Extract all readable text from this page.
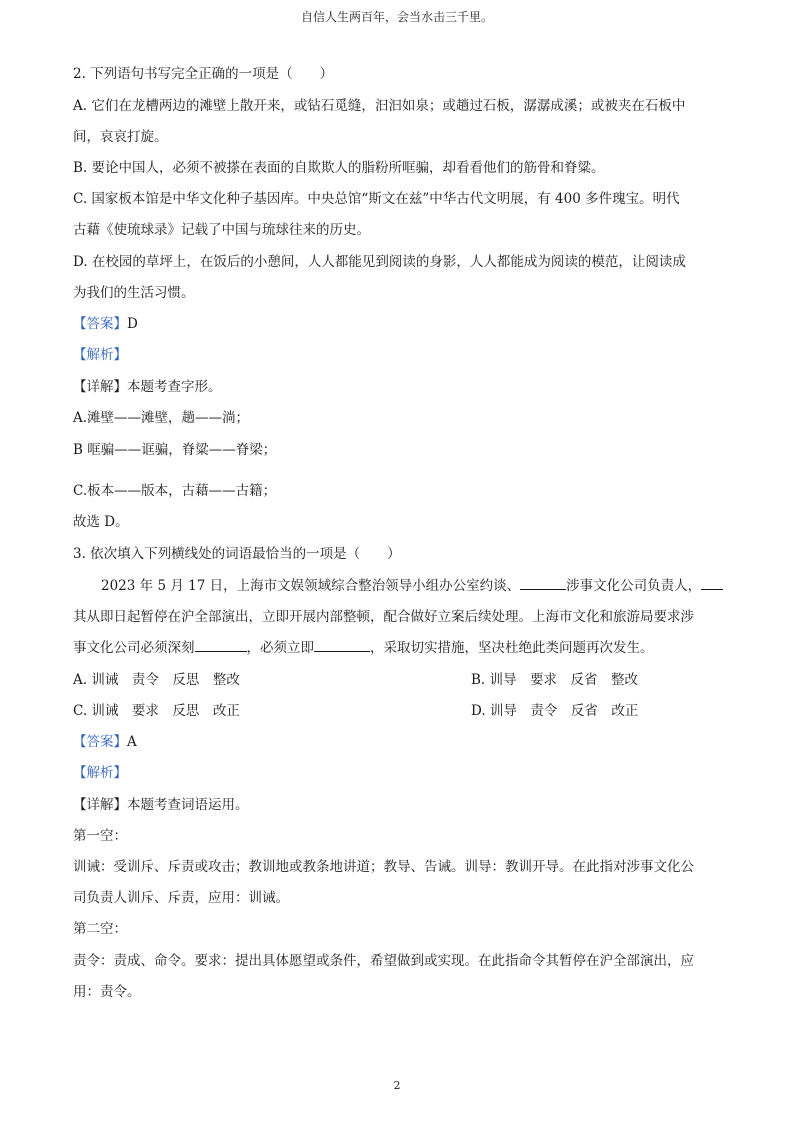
自信人生两百年，会当水击三千里。
2. 下列语句书写完全正确的一项是（　　）
A. 它们在龙槽两边的滩壁上散开来，或钻石觅缝，汩汩如泉；或趟过石板，潺潺成溪；或被夹在石板中
间，哀哀打旋。
B. 要论中国人，必须不被搽在表面的自欺欺人的脂粉所哐骗，却看看他们的筋骨和脊粱。
C. 国家板本馆是中华文化种子基因库。中央总馆“斯文在兹”中华古代文明展，有 400 多件瑰宝。明代
古藉《使琉球录》记载了中国与琉球往来的历史。
D. 在校园的草坪上，在饭后的小憩间，人人都能见到阅读的身影，人人都能成为阅读的模范，让阅读成
为我们的生活习惯。
【答案】D
【解析】
【详解】本题考查字形。
A.滩壁——滩壁，趟——淌；
B 哐骗——诓骗，脊粱——脊梁；
C.板本——版本，古藉——古籍；
故选 D。
3. 依次填入下列横线处的词语最恰当的一项是（　　）
2023 年 5 月 17 日，上海市文娱领域综合整治领导小组办公室约谈、	涉事文化公司负责人，
其从即日起暂停在沪全部演出，立即开展内部整顿，配合做好立案后续处理。上海市文化和旅游局要求涉
事文化公司必须深刻	，必须立即	，采取切实措施，坚决杜绝此类问题再次发生。
A. 训诫　责令　反思　整改	B. 训导　要求　反省　整改
C. 训诫　要求　反思　改正	D. 训导　责令　反省　改正
【答案】A
【解析】
【详解】本题考查词语运用。
第一空：
训诫：受训斥、斥责或攻击；教训地或教条地讲道；教导、告诫。训导：教训开导。在此指对涉事文化公
司负责人训斥、斥责，应用：训诫。
第二空：
责令：责成、命令。要求：提出具体愿望或条件，希望做到或实现。在此指命令其暂停在沪全部演出，应
用：责令。
2
